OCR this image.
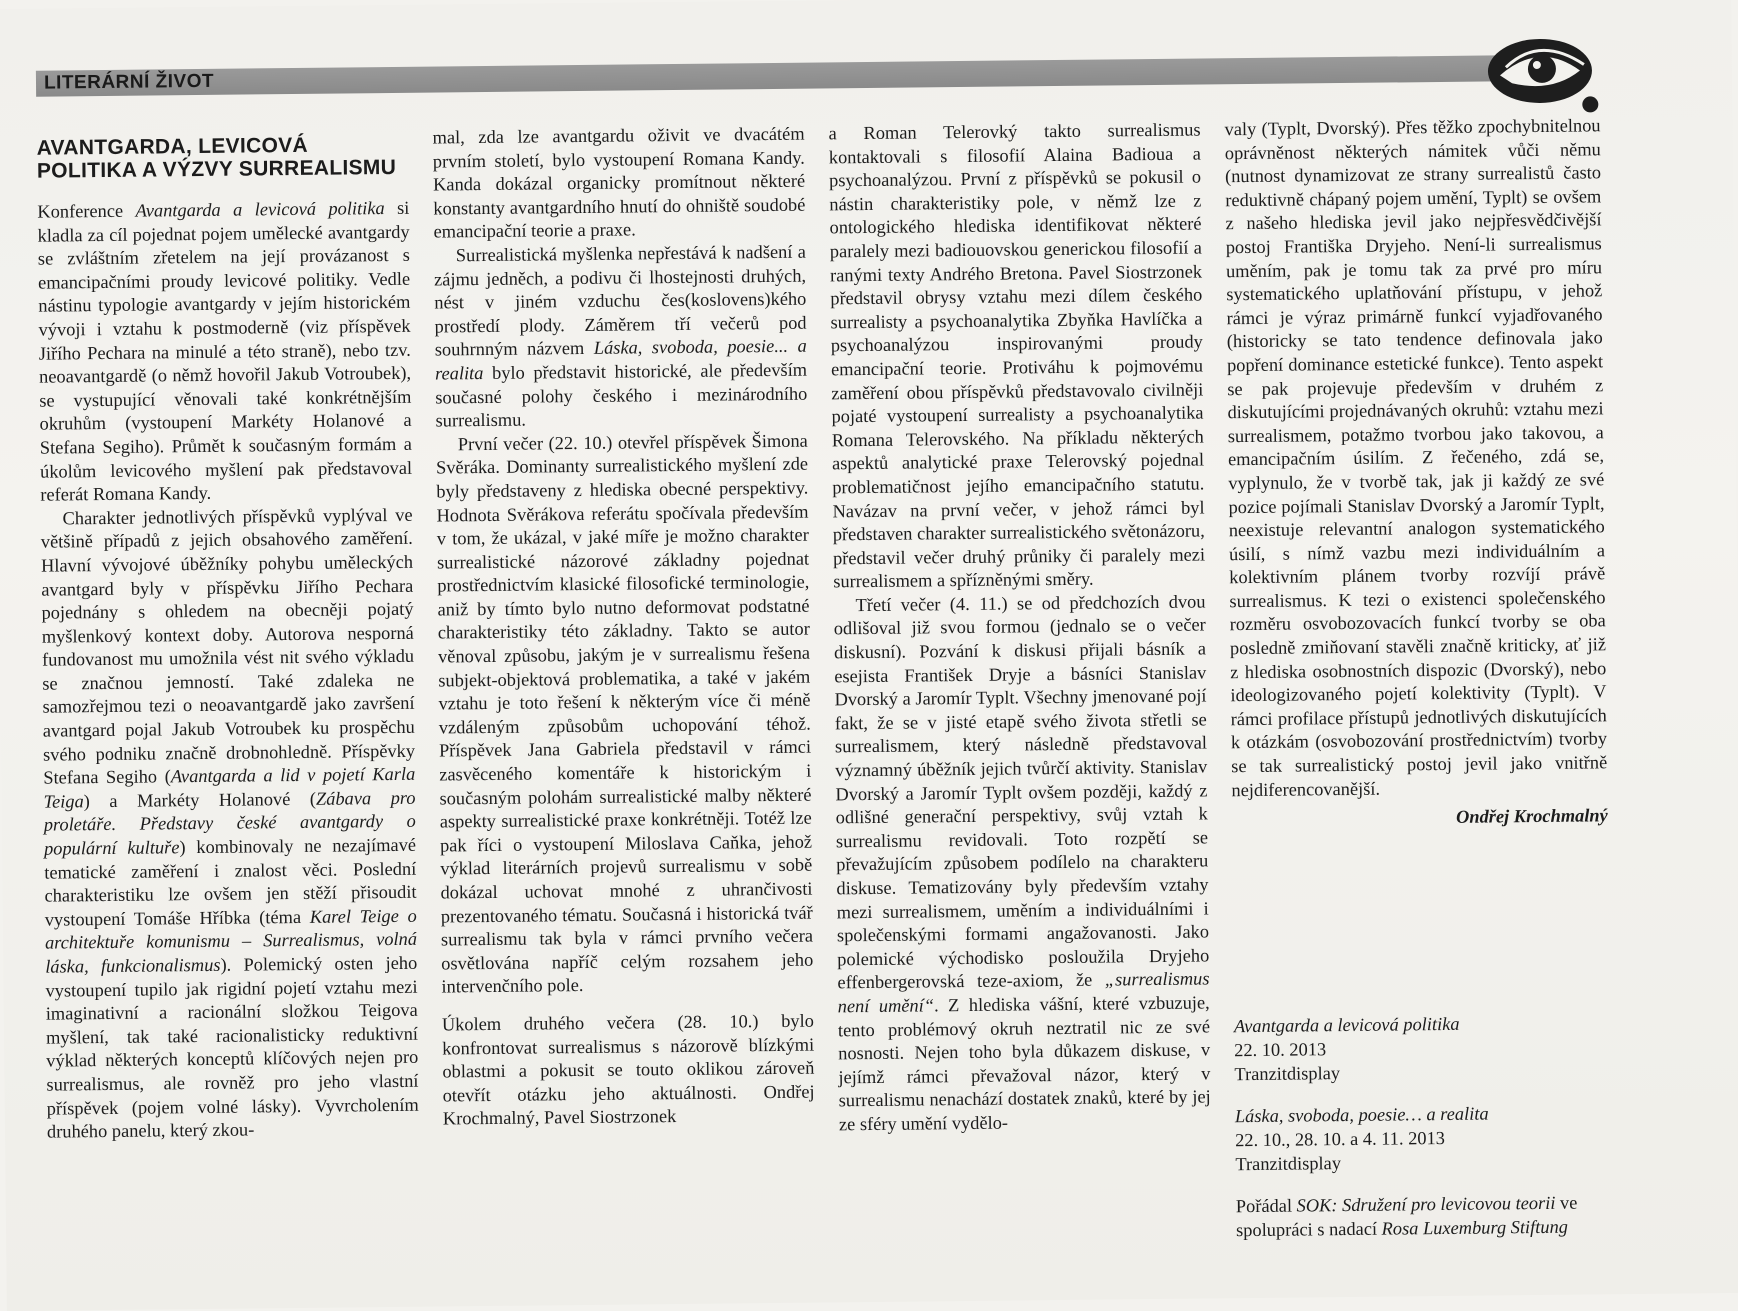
LITERÁRNÍ ŽIVOT
AVANTGARDA, LEVICOVÁ POLITIKA A VÝZVY SURREALISMU

Konference Avantgarda a levicová politika si kladla za cíl pojednat pojem umělecké avantgardy se zvláštním zřetelem na její provázanost s emancipačními proudy levicové politiky. Vedle nástinu typologie avantgardy v jejím historickém vývoji i vztahu k postmoderně (viz příspěvek Jiřího Pechara na minulé a této straně), nebo tzv. neoavantgardě (o němž hovořil Jakub Votroubek), se vystupující věnovali také konkrétnějším okruhům (vystoupení Markéty Holanové a Stefana Segiho). Průmět k současným formám a úkolům levicového myšlení pak představoval referát Romana Kandy.

Charakter jednotlivých příspěvků vyplýval ve většině případů z jejich obsahového zaměření. Hlavní vývojové úběžníky pohybu uměleckých avantgard byly v příspěvku Jiřího Pechara pojednány s ohledem na obecněji pojatý myšlenkový kontext doby. Autorova nesporná fundovanost mu umožnila vést nit svého výkladu se značnou jemností. Také zdaleka ne samozřejmou tezi o neoavantgardě jako završení avantgard pojal Jakub Votroubek ku prospěchu svého podniku značně drobnohledně. Příspěvky Stefana Segiho (Avantgarda a lid v pojetí Karla Teiga) a Markéty Holanové (Zábava pro proletáře. Představy české avantgardy o populární kultuře) kombinovaly ne nezajímavé tematické zaměření i znalost věci. Poslední charakteristiku lze ovšem jen stěží přisoudit vystoupení Tomáše Hříbka (téma Karel Teige o architektuře komunismu – Surrealismus, volná láska, funkcionalismus). Polemický osten jeho vystoupení tupilo jak rigidní pojetí vztahu mezi imaginativní a racionální složkou Teigova myšlení, tak také racionalisticky reduktivní výklad některých konceptů klíčových nejen pro surrealismus, ale rovněž pro jeho vlastní příspěvek (pojem volné lásky). Vyvrcholením druhého panelu, který zkou-

mal, zda lze avantgardu oživit ve dvacátém prvním století, bylo vystoupení Romana Kandy. Kanda dokázal organicky promítnout některé konstanty avantgardního hnutí do ohniště soudobé emancipační teorie a praxe.

Surrealistická myšlenka nepřestává k nadšení a zájmu jedněch, a podivu či lhostejnosti druhých, nést v jiném vzduchu čes(koslovens)kého prostředí plody. Záměrem tří večerů pod souhrnným názvem Láska, svoboda, poesie... a realita bylo představit historické, ale především současné polohy českého i mezinárodního surrealismu.

První večer (22. 10.) otevřel příspěvek Šimona Svěráka. Dominanty surrealistického myšlení zde byly představeny z hlediska obecné perspektivy. Hodnota Svěrákova referátu spočívala především v tom, že ukázal, v jaké míře je možno charakter surrealistické názorové základny pojednat prostřednictvím klasické filosofické terminologie, aniž by tímto bylo nutno deformovat podstatné charakteristiky této základny. Takto se autor věnoval způsobu, jakým je v surrealismu řešena subjekt-objektová problematika, a také v jakém vztahu je toto řešení k některým více či méně vzdáleným způsobům uchopování téhož. Příspěvek Jana Gabriela představil v rámci zasvěceného komentáře k historickým i současným polohám surrealistické malby některé aspekty surrealistické praxe konkrétněji. Totéž lze pak říci o vystoupení Miloslava Caňka, jehož výklad literárních projevů surrealismu v sobě dokázal uchovat mnohé z uhrančivosti prezentovaného tématu. Současná i historická tvář surrealismu tak byla v rámci prvního večera osvětlována napříč celým rozsahem jeho intervenčního pole.

Úkolem druhého večera (28. 10.) bylo konfrontovat surrealismus s názorově blízkými oblastmi a pokusit se touto oklikou zároveň otevřít otázku jeho aktuálnosti. Ondřej Krochmalný, Pavel Siostrzonek

a Roman Telerovký takto surrealismus kontaktovali s filosofií Alaina Badioua a psychoanalýzou. První z příspěvků se pokusil o nástin charakteristiky pole, v němž lze z ontologického hlediska identifikovat některé paralely mezi badiouovskou generickou filosofií a ranými texty Andrého Bretona. Pavel Siostrzonek představil obrysy vztahu mezi dílem českého surrealisty a psychoanalytika Zbyňka Havlíčka a psychoanalýzou inspirovanými proudy emancipační teorie. Protiváhu k pojmovému zaměření obou příspěvků představovalo civilněji pojaté vystoupení surrealisty a psychoanalytika Romana Telerovského. Na příkladu některých aspektů analytické praxe Telerovský pojednal problematičnost jejího emancipačního statutu. Navázav na první večer, v jehož rámci byl představen charakter surrealistického světonázoru, představil večer druhý průniky či paralely mezi surrealismem a spřízněnými směry.

Třetí večer (4. 11.) se od předchozích dvou odlišoval již svou formou (jednalo se o večer diskusní). Pozvání k diskusi přijali básník a esejista František Dryje a básníci Stanislav Dvorský a Jaromír Typlt. Všechny jmenované pojí fakt, že se v jisté etapě svého života střetli se surrealismem, který následně představoval významný úběžník jejich tvůrčí aktivity. Stanislav Dvorský a Jaromír Typlt ovšem později, každý z odlišné generační perspektivy, svůj vztah k surrealismu revidovali. Toto rozpětí se převažujícím způsobem podílelo na charakteru diskuse. Tematizovány byly především vztahy mezi surrealismem, uměním a individuálními i společenskými formami angažovanosti. Jako polemické východisko posloužila Dryjeho effenbergerovská teze-axiom, že „surrealismus není umění“. Z hlediska vášní, které vzbuzuje, tento problémový okruh neztratil nic ze své nosnosti. Nejen toho byla důkazem diskuse, v jejímž rámci převažoval názor, který v surrealismu nenachází dostatek znaků, které by jej ze sféry umění vydělo-

valy (Typlt, Dvorský). Přes těžko zpochybnitelnou oprávněnost některých námitek vůči němu (nutnost dynamizovat ze strany surrealistů často reduktivně chápaný pojem umění, Typlt) se ovšem z našeho hlediska jevil jako nejpřesvědčivější postoj Františka Dryjeho. Není-li surrealismus uměním, pak je tomu tak za prvé pro míru systematického uplatňování přístupu, v jehož rámci je výraz primárně funkcí vyjadřovaného (historicky se tato tendence definovala jako popření dominance estetické funkce). Tento aspekt se pak projevuje především v druhém z diskutujícími projednávaných okruhů: vztahu mezi surrealismem, potažmo tvorbou jako takovou, a emancipačním úsilím. Z řečeného, zdá se, vyplynulo, že v tvorbě tak, jak ji každý ze své pozice pojímali Stanislav Dvorský a Jaromír Typlt, neexistuje relevantní analogon systematického úsilí, s nímž vazbu mezi individuálním a kolektivním plánem tvorby rozvíjí právě surrealismus. K tezi o existenci společenského rozměru osvobozovacích funkcí tvorby se oba posledně zmiňovaní stavěli značně kriticky, ať již z hlediska osobnostních dispozic (Dvorský), nebo ideologizovaného pojetí kolektivity (Typlt). V rámci profilace přístupů jednotlivých diskutujících k otázkám (osvobozování prostřednictvím) tvorby se tak surrealistický postoj jevil jako vnitřně nejdiferencovanější.

Ondřej Krochmalný

Avantgarda a levicová politika

22. 10. 2013

Tranzitdisplay

Láska, svoboda, poesie… a realita

22. 10., 28. 10. a 4. 11. 2013

Tranzitdisplay

Pořádal SOK: Sdružení pro levicovou teorii ve spolupráci s nadací Rosa Luxemburg Stiftung
